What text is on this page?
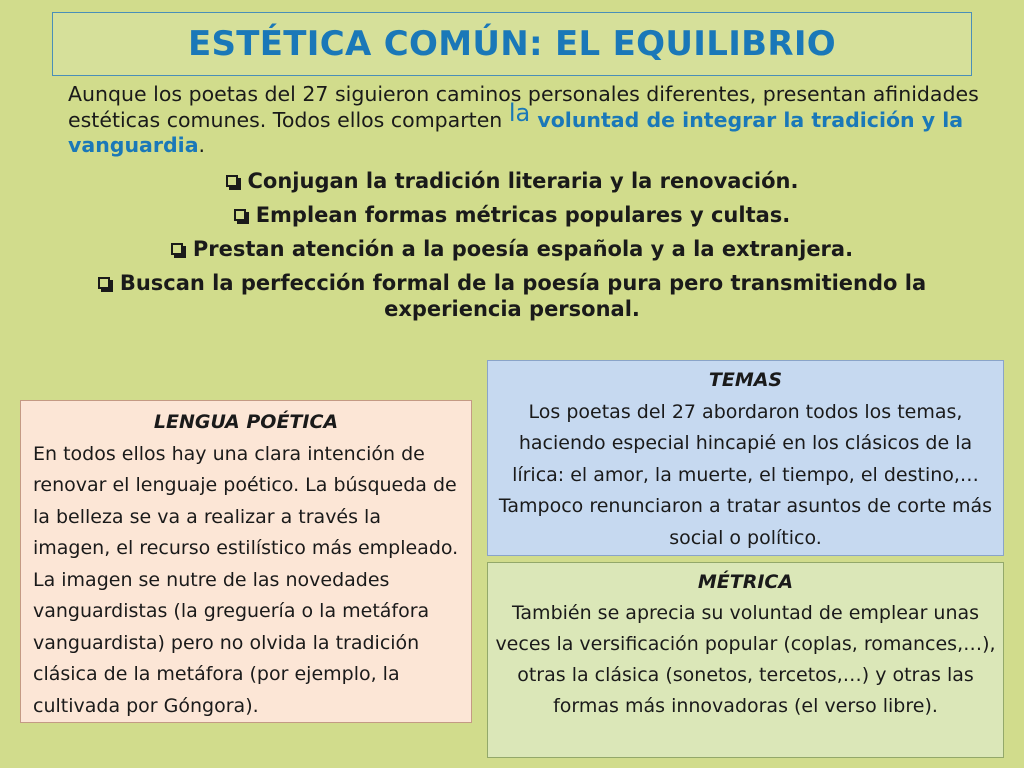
ESTÉTICA COMÚN: EL EQUILIBRIO
Aunque los poetas del 27 siguieron caminos personales diferentes, presentan afinidades estéticas comunes. Todos ellos comparten la voluntad de integrar la tradición y la vanguardia.
Conjugan la tradición literaria y la renovación.
Emplean formas métricas populares y cultas.
Prestan atención a la poesía española y a la extranjera.
Buscan la perfección formal de la poesía pura pero transmitiendo la experiencia personal.
LENGUA POÉTICA
En todos ellos hay una clara intención de renovar el lenguaje poético. La búsqueda de la belleza se va a realizar a través la imagen, el recurso estilístico más empleado. La imagen se nutre de las novedades vanguardistas (la greguería o la metáfora vanguardista) pero no olvida la tradición clásica de la metáfora (por ejemplo, la cultivada por Góngora).
TEMAS
Los poetas del 27 abordaron todos los temas, haciendo especial hincapié en los clásicos de la lírica: el amor, la muerte, el tiempo, el destino,… Tampoco renunciaron a tratar asuntos de corte más social o político.
MÉTRICA
También se aprecia su voluntad de emplear unas veces la versificación popular (coplas, romances,…), otras la clásica (sonetos, tercetos,…) y otras las formas más innovadoras (el verso libre).
